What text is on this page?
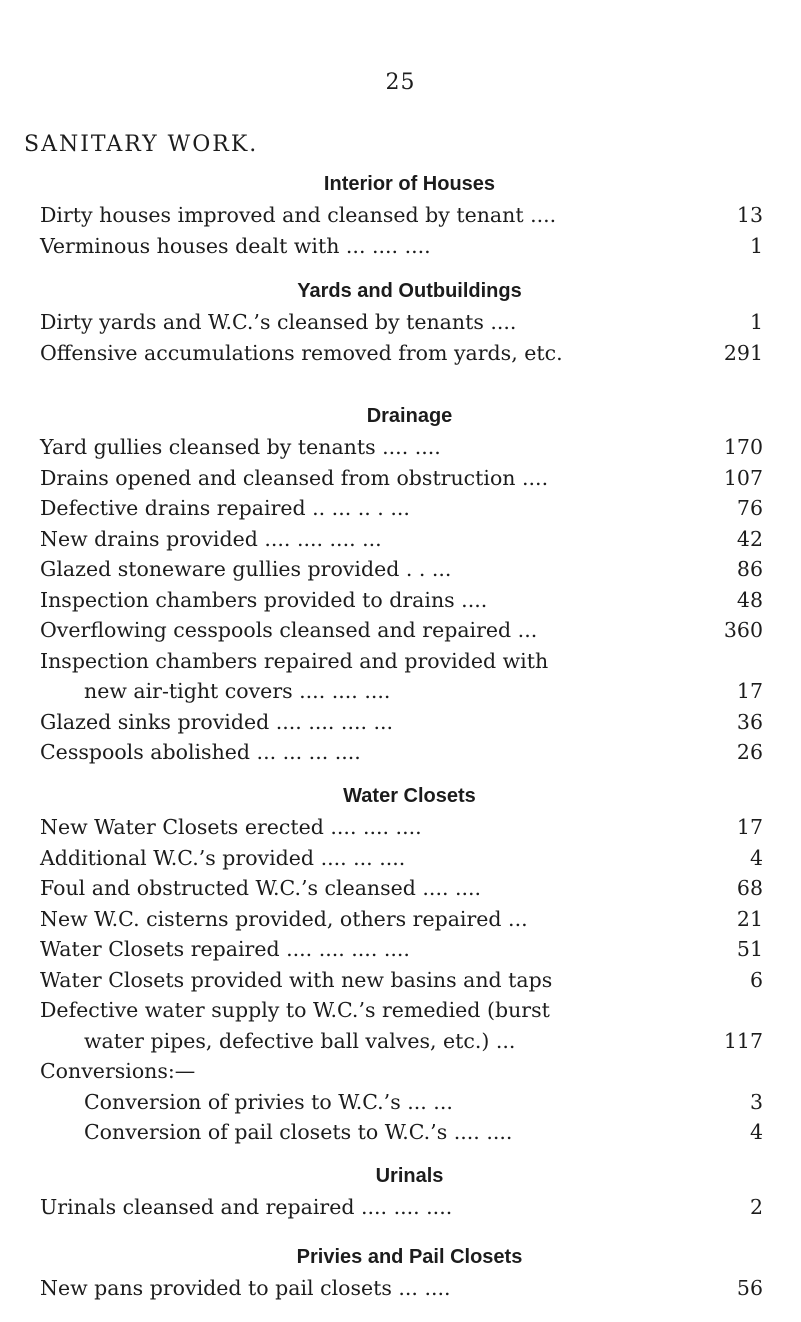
25
SANITARY WORK.
Interior of Houses
Dirty houses improved and cleansed by tenant ....	13
Verminous houses dealt with ... .... ....	1
Yards and Outbuildings
Dirty yards and W.C.’s cleansed by tenants ....	1
Offensive accumulations removed from yards, etc.	291
Drainage
Yard gullies cleansed by tenants .... ....	170
Drains opened and cleansed from obstruction ....	107
Defective drains repaired .. ... .. . ...	76
New drains provided .... .... .... ...	42
Glazed stoneware gullies provided . . ...	86
Inspection chambers provided to drains ....	48
Overflowing cesspools cleansed and repaired ...	360
Inspection chambers repaired and provided with
new air-tight covers .... .... ....	17
Glazed sinks provided .... .... .... ...	36
Cesspools abolished ... ... ... ....	26
Water Closets
New Water Closets erected .... .... ....	17
Additional W.C.’s provided .... ... ....	4
Foul and obstructed W.C.’s cleansed .... ....	68
New W.C. cisterns provided, others repaired ...	21
Water Closets repaired .... .... .... ....	51
Water Closets provided with new basins and taps	6
Defective water supply to W.C.’s remedied (burst
water pipes, defective ball valves, etc.) ...	117
Conversions:—
Conversion of privies to W.C.’s ... ...	3
Conversion of pail closets to W.C.’s .... ....	4
Urinals
Urinals cleansed and repaired .... .... ....	2
Privies and Pail Closets
New pans provided to pail closets ... ....	56
